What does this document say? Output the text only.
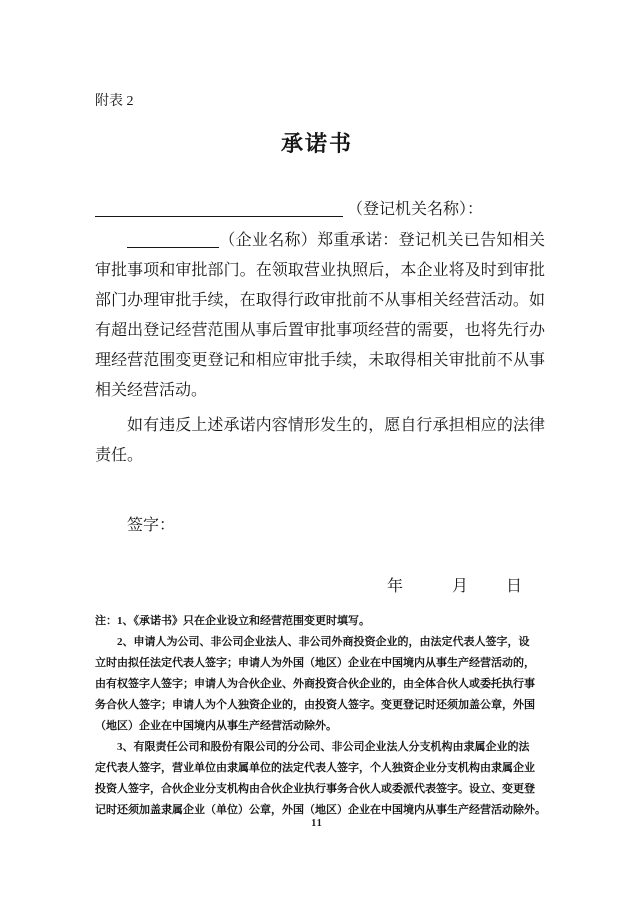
附表 2
承诺书
（登记机关名称）：

（企业名称）郑重承诺：登记机关已告知相关审批事项和审批部门。在领取营业执照后，本企业将及时到审批部门办理审批手续，在取得行政审批前不从事相关经营活动。如有超出登记经营范围从事后置审批事项经营的需要，也将先行办理经营范围变更登记和相应审批手续，未取得相关审批前不从事相关经营活动。

如有违反上述承诺内容情形发生的，愿自行承担相应的法律责任。

签字：
年	月 日
注：1、《承诺书》只在企业设立和经营范围变更时填写。
2、申请人为公司、非公司企业法人、非公司外商投资企业的，由法定代表人签字，设
立时由拟任法定代表人签字；申请人为外国（地区）企业在中国境内从事生产经营活动的，
由有权签字人签字；申请人为合伙企业、外商投资合伙企业的，由全体合伙人或委托执行事
务合伙人签字；申请人为个人独资企业的，由投资人签字。变更登记时还须加盖公章，外国
（地区）企业在中国境内从事生产经营活动除外。
3、有限责任公司和股份有限公司的分公司、非公司企业法人分支机构由隶属企业的法
定代表人签字，营业单位由隶属单位的法定代表人签字，个人独资企业分支机构由隶属企业
投资人签字，合伙企业分支机构由合伙企业执行事务合伙人或委派代表签字。设立、变更登
记时还须加盖隶属企业（单位）公章，外国（地区）企业在中国境内从事生产经营活动除外。
11
